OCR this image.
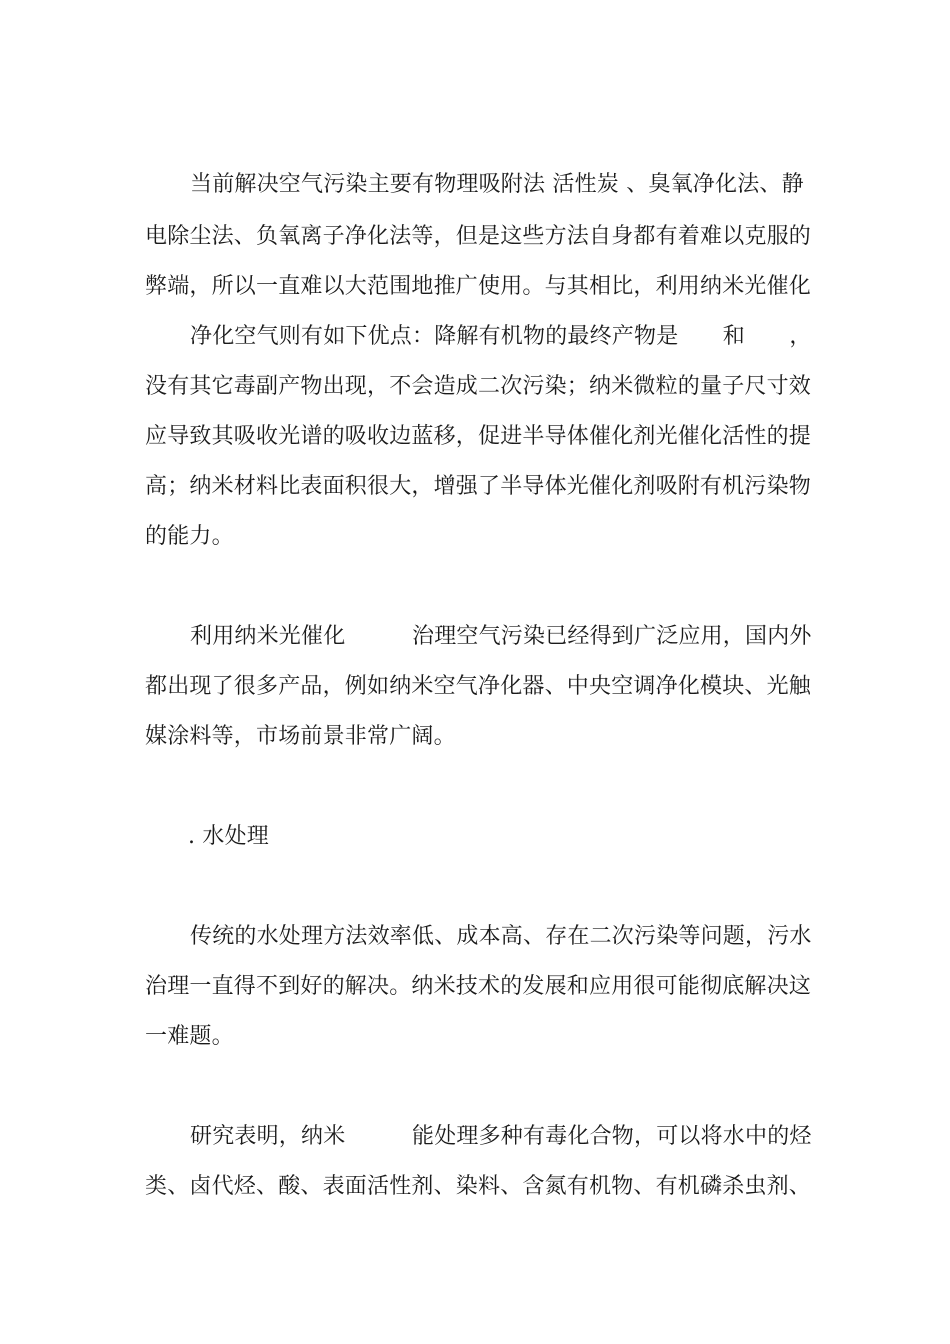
当前解决空气污染主要有物理吸附法 活性炭 、臭氧净化法、静
电除尘法、负氧离子净化法等，但是这些方法自身都有着难以克服的
弊端，所以一直难以大范围地推广使用。与其相比，利用纳米光催化
净化空气则有如下优点：降解有机物的最终产物是　　和　　，
没有其它毒副产物出现，不会造成二次污染；纳米微粒的量子尺寸效
应导致其吸收光谱的吸收边蓝移，促进半导体催化剂光催化活性的提
高；纳米材料比表面积很大，增强了半导体光催化剂吸附有机污染物
的能力。
利用纳米光催化　　　治理空气污染已经得到广泛应用，国内外
都出现了很多产品，例如纳米空气净化器、中央空调净化模块、光触
媒涂料等，市场前景非常广阔。
. 水处理
传统的水处理方法效率低、成本高、存在二次污染等问题，污水
治理一直得不到好的解决。纳米技术的发展和应用很可能彻底解决这
一难题。
研究表明，纳米　　　能处理多种有毒化合物，可以将水中的烃
类、卤代烃、酸、表面活性剂、染料、含氮有机物、有机磷杀虫剂、
